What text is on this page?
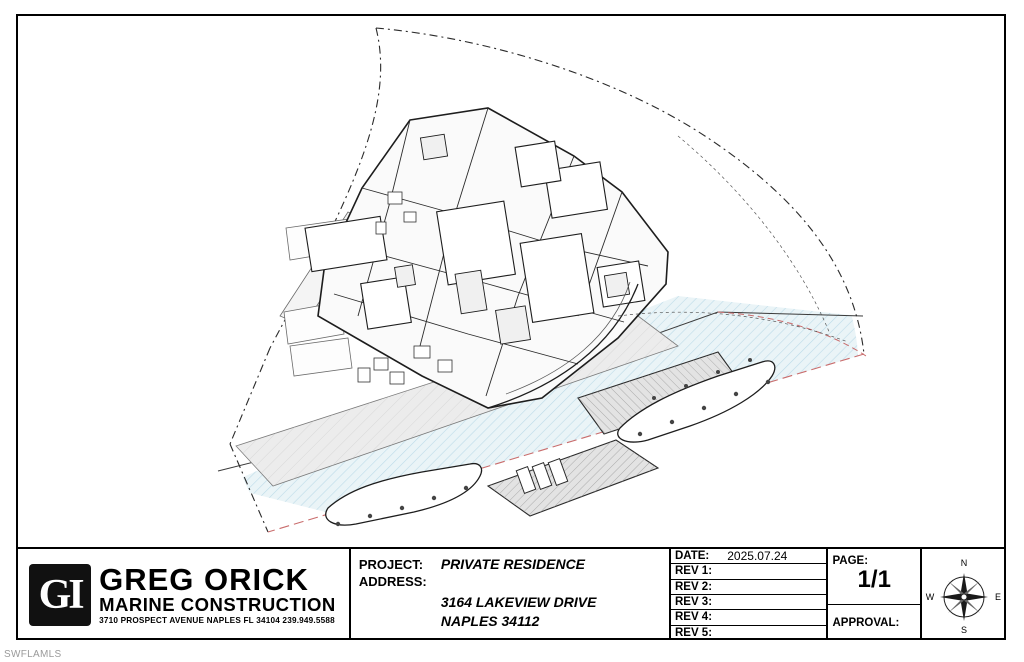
GI GREG ORICK
MARINE CONSTRUCTION
3710 PROSPECT AVENUE NAPLES FL 34104 239.949.5588
PROJECT:	PRIVATE RESIDENCE
ADDRESS:
3164 LAKEVIEW DRIVE
NAPLES 34112
DATE: 2025.07.24
REV 1:
REV 2:
REV 3:
REV 4:
REV 5:
PAGE:
1/1
APPROVAL:
N
S
E
W
SWFLAMLS
